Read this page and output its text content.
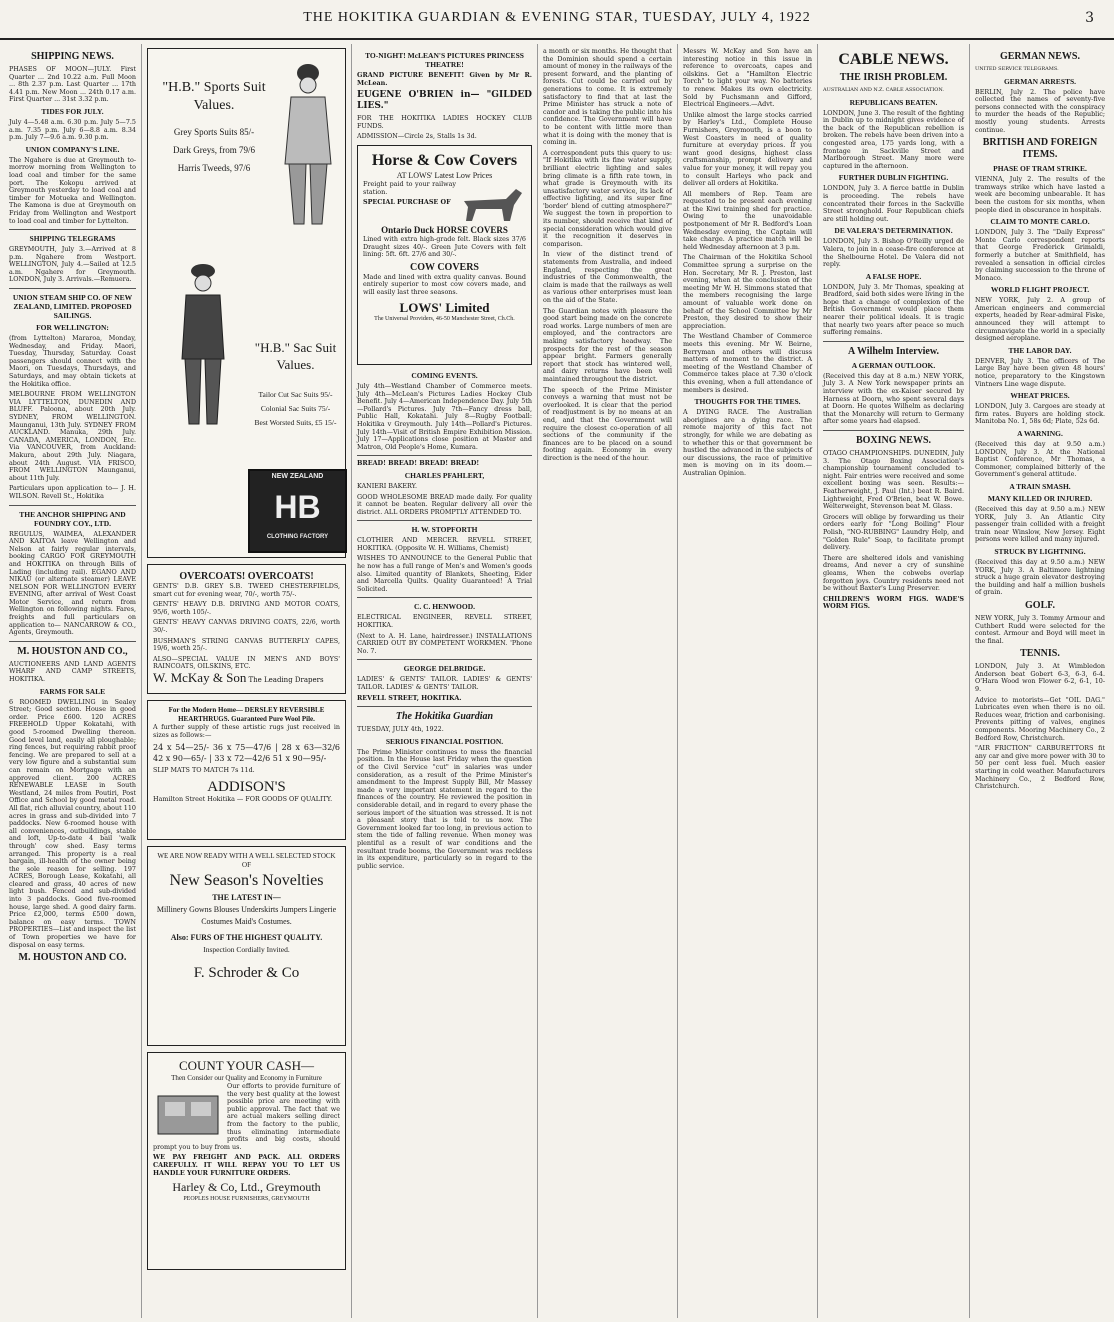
THE HOKITIKA GUARDIAN & EVENING STAR, TUESDAY, JULY 4, 1922	3
SHIPPING NEWS.

PHASES OF MOON—JULY. First Quarter ... 2nd 10.22 a.m. Full Moon ... 8th 2.37 p.m. Last Quarter ... 17th 4.41 p.m. New Moon ... 24th 0.17 a.m. First Quarter ... 31st 3.32 p.m.

TIDES FOR JULY.

July 4—5.48 a.m. 6.30 p.m. July 5—7.5 a.m. 7.35 p.m. July 6—8.8 a.m. 8.34 p.m. July 7—9.6 a.m. 9.30 p.m.

UNION COMPANY'S LINE.

The Ngahere is due at Greymouth to-morrow morning from Wellington to load coal and timber for the same port. The Kokopu arrived at Greymouth yesterday to load coal and timber for Motueka and Wellington. The Kamona is due at Greymouth on Friday from Wellington and Westport to load coal and timber for Lyttelton.

SHIPPING TELEGRAMS

GREYMOUTH, July 3.—Arrived at 8 p.m. Ngahere from Westport. WELLINGTON, July 4.—Sailed at 12.5 a.m. Ngahere for Greymouth. LONDON, July 3. Arrivals.—Remuera.

UNION STEAM SHIP CO. OF NEW ZEALAND, LIMITED. PROPOSED SAILINGS.
FOR WELLINGTON:

(from Lyttelton) Mararoa, Monday, Wednesday, and Friday. Maori, Tuesday, Thursday, Saturday. Coast passengers should connect with the Maori, on Tuesdays, Thursdays, and Saturdays, and may obtain tickets at the Hokitika office.

MELBOURNE FROM WELLINGTON VIA LYTTELTON, DUNEDIN AND BLUFF. Paloona, about 20th July. SYDNEY, FROM WELLINGTON. Maunganui, 13th July. SYDNEY FROM AUCKLAND. Manuka, 29th July. CANADA, AMERICA, LONDON, Etc. Via VANCOUVER, from Auckland: Makura, about 29th July. Niagara, about 24th August. VIA FRISCO, FROM WELLINGTON Maunganui, about 11th July.

Particulars upon application to— J. H. WILSON. Revell St., Hokitika

THE ANCHOR SHIPPING AND FOUNDRY COY., LTD.

REGULUS, WAIMEA, ALEXANDER AND KAITOA leave Wellington and Nelson at fairly regular intervals, booking CARGO FOR GREYMOUTH and HOKITIKA on through Bills of Lading (including rail). EGANO AND NIKAU (or alternate steamer) LEAVE NELSON FOR WELLINGTON EVERY EVENING, after arrival of West Coast Motor Service, and return from Wellington on following nights. Fares, freights and full particulars on application to— NANCARROW & CO., Agents, Greymouth.

M. HOUSTON AND CO.,

AUCTIONEERS AND LAND AGENTS WHARF AND CAMP STREETS, HOKITIKA.

FARMS FOR SALE

6 ROOMED DWELLING in Sealey Street; Good section. House in good order. Price £600. 120 ACRES FREEHOLD Upper Kokatahi, with good 5-roomed Dwelling thereon. Good level land, easily all ploughable; ring fences, but requiring rabbit proof fencing. We are prepared to sell at a very low figure and a substantial sum can remain on Mortgage with an approved client. 200 ACRES RENEWABLE LEASE in South Westland, 24 miles from Poutiri, Post Office and School by good metal road. All flat, rich alluvial country, about 110 acres in grass and sub-divided into 7 paddocks. New 6-roomed house with all conveniences, outbuildings, stable and loft, Up-to-date 4 bail 'walk through' cow shed. Easy terms arranged. This property is a real bargain, ill-health of the owner being the sole reason for selling. 197 ACRES, Borough Lease, Kokatahi, all cleared and grass, 40 acres of new light bush. Fenced and sub-divided into 3 paddocks. Good five-roomed house, large shed. A good dairy farm. Price £2,000, terms £500 down, balance on easy terms. TOWN PROPERTIES—List and inspect the list of Town properties we have for disposal on easy terms.

M. HOUSTON AND CO.
"H.B." Sports Suit Values.
Grey Sports Suits 85/-
Dark Greys, from 79/6
Harris Tweeds, 97/6
"H.B." Sac Suit Values.
Tailor Cut Sac Suits 95/-
Colonial Sac Suits 75/-
Best Worsted Suits, £5 15/-
NEW ZEALAND
HB
CLOTHING FACTORY
OVERCOATS! OVERCOATS!

GENTS' D.B. GREY S.B. TWEED CHESTERFIELDS, smart cut for evening wear, 70/-, worth 75/-.

GENTS' HEAVY D.B. DRIVING AND MOTOR COATS, 95/6, worth 105/-.

GENTS' HEAVY CANVAS DRIVING COATS, 22/6, worth 30/-.

BUSHMAN'S STRING CANVAS BUTTERFLY CAPES, 19/6, worth 25/-.

ALSO—SPECIAL VALUE IN MEN'S AND BOYS' RAINCOATS, OILSKINS, ETC.

W. McKay & Son The Leading Drapers
For the Modern Home— DERSLEY REVERSIBLE HEARTHRUGS. Guaranteed Pure Wool Pile.

A further supply of these artistic rugs just received in sizes as follows:—

24 x 54—25/- 36 x 75—47/6 | 28 x 63—32/6 42 x 90—65/- | 33 x 72—42/6 51 x 90—95/-

SLIP MATS TO MATCH 7s 11d.

ADDISON'S

Hamilton Street Hokitika — FOR GOODS OF QUALITY.

WE ARE NOW READY WITH A WELL SELECTED STOCK OF
New Season's Novelties
THE LATEST IN—
Millinery Gowns Blouses Underskirts Jumpers Lingerie Costumes Maid's Costumes.
Also: FURS OF THE HIGHEST QUALITY.
Inspection Cordially Invited.
F. Schroder & Co
COUNT YOUR CASH—
Then Consider our Quality and Economy in Furniture

Our efforts to provide furniture of the very best quality at the lowest possible price are meeting with public approval. The fact that we are actual makers selling direct from the factory to the public, thus eliminating intermediate profits and big costs, should prompt you to buy from us.

WE PAY FREIGHT AND PACK. ALL ORDERS CAREFULLY. IT WILL REPAY YOU TO LET US HANDLE YOUR FURNITURE ORDERS.

Harley & Co, Ltd., Greymouth
PEOPLES HOUSE FURNISHERS, GREYMOUTH
TO-NIGHT! McLEAN'S PICTURES PRINCESS THEATRE!

GRAND PICTURE BENEFIT! Given by Mr R. McLean.

EUGENE O'BRIEN in— "GILDED LIES."

FOR THE HOKITIKA LADIES HOCKEY CLUB FUNDS.

ADMISSION—Circle 2s, Stalls 1s 3d.

Horse & Cow Covers
AT LOWS' Latest Low Prices

Freight paid to your railway station.

SPECIAL PURCHASE OF

Ontario Duck HORSE COVERS

Lined with extra high-grade felt. Black sizes 37/6 Draught sizes 40/-. Green Jute Covers with felt lining: 5ft. 6ft. 27/6 and 30/-.

COW COVERS

Made and lined with extra quality canvas. Bound entirely superior to most cow covers made, and will easily last three seasons.

LOWS' Limited
The Universal Providers, 46-50 Manchester Street, Ch.Ch.
COMING EVENTS.

July 4th—Westland Chamber of Commerce meets. July 4th—McLean's Pictures Ladies Hockey Club Benefit. July 4—American Independence Day. July 5th—Pollard's Pictures. July 7th—Fancy dress ball, Public Hall, Kokatahi. July 8—Rugby Football: Hokitika v Greymouth. July 14th—Pollard's Pictures. July 14th—Visit of British Empire Exhibition Mission. July 17—Applications close position at Master and Matron, Old People's Home, Kumara.

BREAD! BREAD! BREAD! BREAD!

CHARLES PFAHLERT,

KANIERI BAKERY.

GOOD WHOLESOME BREAD made daily. For quality it cannot be beaten. Regular delivery all over the district. ALL ORDERS PROMPTLY ATTENDED TO.

H. W. STOPFORTH

CLOTHIER AND MERCER. REVELL STREET, HOKITIKA. (Opposite W. H. Williams, Chemist)

WISHES TO ANNOUNCE to the General Public that he now has a full range of Men's and Women's goods also. Limited quantity of Blankets, Sheeting, Eider and Marcella Quilts. Quality Guaranteed! A Trial Solicited.

C. C. HENWOOD.

ELECTRICAL ENGINEER, REVELL STREET, HOKITIKA.

(Next to A. H. Lane, hairdresser.) INSTALLATIONS CARRIED OUT BY COMPETENT WORKMEN. 'Phone No. 7.

GEORGE DELBRIDGE.

LADIES' & GENTS' TAILOR. LADIES' & GENTS' TAILOR. LADIES' & GENTS' TAILOR.

REVELL STREET, HOKITIKA.

The Hokitika Guardian

TUESDAY, JULY 4th, 1922.

SERIOUS FINANCIAL POSITION.

The Prime Minister continues to mess the financial position. In the House last Friday when the question of the Civil Service "cut" in salaries was under consideration, as a result of the Prime Minister's amendment to the Imprest Supply Bill, Mr Massey made a very important statement in regard to the finances of the country. He reviewed the position in considerable detail, and in regard to every phase the serious import of the situation was stressed. It is not a pleasant story that is told to us now. The Government looked far too long, in previous action to stem the tide of falling revenue. When money was plentiful as a result of war conditions and the resultant trade booms, the Government was reckless in its expenditure, particularly so in regard to the public service.

a month or six months. He thought that the Dominion should spend a certain amount of money in the railways of the present forward, and the planting of forests. Cut could be carried out by generations to come. It is extremely satisfactory to find that at last the Prime Minister has struck a note of candor and is taking the public into his confidence. The Government will have to be content with little more than what it is doing with the money that is coming in.

A correspondent puts this query to us: "If Hokitika with its fine water supply, brilliant electric lighting and sales bring climate is a fifth rate town, in what grade is Greymouth with its unsatisfactory water service, its lack of effective lighting, and its super fine 'border' blend of cutting atmosphere?" We suggest the town in proportion to its number, should receive that kind of special consideration which would give it the recognition it deserves in comparison.

In view of the distinct trend of statements from Australia, and indeed England, respecting the great industries of the Commonwealth, the claim is made that the railways as well as various other enterprises must lean on the aid of the State.

The Guardian notes with pleasure the good start being made on the concrete road works. Large numbers of men are employed, and the contractors are making satisfactory headway. The prospects for the rest of the season appear bright. Farmers generally report that stock has wintered well, and dairy returns have been well maintained throughout the district.

The speech of the Prime Minister conveys a warning that must not be overlooked. It is clear that the period of readjustment is by no means at an end, and that the Government will require the closest co-operation of all sections of the community if the finances are to be placed on a sound footing again. Economy in every direction is the need of the hour.

Messrs W. McKay and Son have an interesting notice in this issue in reference to overcoats, capes and oilskins. Get a "Hamilton Electric Torch" to light your way. No batteries to renew. Makes its own electricity. Sold by Fuchsmann and Gifford, Electrical Engineers.—Advt.

Unlike almost the large stocks carried by Harley's Ltd., Complete House Furnishers, Greymouth, is a boon to West Coasters in need of quality furniture at everyday prices. If you want good designs, highest class craftsmanship, prompt delivery and value for your money, it will repay you to consult Harleys who pack and deliver all orders at Hokitika.

All members of Rep. Team are requested to be present each evening at the Kiwi training shed for practice. Owing to the unavoidable postponement of Mr R. Bedford's Loan Wednesday evening, the Captain will take charge. A practice match will be held Wednesday afternoon at 3 p.m.

The Chairman of the Hokitika School Committee sprung a surprise on the Hon. Secretary, Mr R. J. Preston, last evening, when at the conclusion of the meeting Mr W. H. Simmons stated that the members recognising the large amount of valuable work done on behalf of the School Committee by Mr Preston, they desired to show their appreciation.

The Westland Chamber of Commerce meets this evening. Mr W. Beirne, Berryman and others will discuss matters of moment to the district. A meeting of the Westland Chamber of Commerce takes place at 7.30 o'clock this evening, when a full attendance of members is desired.

THOUGHTS FOR THE TIMES.

A DYING RACE. The Australian aborigines are a dying race. The remote majority of this fact not strongly, for while we are debating as to whether this or that government be hustled the advanced in the subjects of our discussions, the race of primitive men is moving on in its doom.—Australian Opinion.

CABLE NEWS.
THE IRISH PROBLEM.

AUSTRALIAN AND N.Z. CABLE ASSOCIATION.

REPUBLICANS BEATEN.

LONDON, June 3. The result of the fighting in Dublin up to midnight gives evidence of the back of the Republican rebellion is broken. The rebels have been driven into a congested area, 175 yards long, with a frontage in Sackville Street and Marlborough Street. Many more were captured in the afternoon.

FURTHER DUBLIN FIGHTING.

LONDON, July 3. A fierce battle in Dublin is proceeding. The rebels have concentrated their forces in the Sackville Street stronghold. Four Republican chiefs are still holding out.

DE VALERA'S DETERMINATION.

LONDON, July 3. Bishop O'Reilly urged de Valera, to join in a cease-fire conference at the Shelbourne Hotel. De Valera did not reply.

A FALSE HOPE.

LONDON, July 3. Mr Thomas, speaking at Bradford, said both sides were living in the hope that a change of complexion of the British Government would place them nearer their political ideals. It is tragic that nearly two years after peace so much suffering remains.

A Wilhelm Interview.
A GERMAN OUTLOOK.

(Received this day at 8 a.m.) NEW YORK, July 3. A New York newspaper prints an interview with the ex-Kaiser secured by Harness at Doorn, who spent several days at Doorn. He quotes Wilhelm as declaring that the Monarchy will return to Germany after some years had elapsed.

BOXING NEWS.

OTAGO CHAMPIONSHIPS. DUNEDIN, July 3. The Otago Boxing Association's championship tournament concluded to-night. Fair entries were received and some excellent boxing was seen. Results:— Featherweight, J. Paul (Int.) beat R. Baird. Lightweight, Fred O'Brien, beat W. Bowe. Welterweight, Stevenson beat M. Glass.

Grocers will oblige by forwarding us their orders early for "Long Boiling" Flour Polish, "NO-RUBBING" Laundry Help, and "Golden Rule" Soap, to facilitate prompt delivery.

There are sheltered idols and vanishing dreams, And never a cry of sunshine gleams, When the cobwebs overlap forgotten joys. Country residents need not be without Baxter's Lung Preserver.

CHILDREN'S WORM FIGS. WADE'S WORM FIGS.

GERMAN NEWS.

UNITED SERVICE TELEGRAMS.

GERMAN ARRESTS.

BERLIN, July 2. The police have collected the names of seventy-five persons connected with the conspiracy to murder the heads of the Republic; mostly young students. Arrests continue.

BRITISH AND FOREIGN ITEMS.
PHASE OF TRAM STRIKE.

VIENNA, July 2. The results of the tramways strike which have lasted a week are becoming unbearable. It has been the custom for six months, when people died in obscurance in hospitals.

CLAIM TO MONTE CARLO.

LONDON, July 3. The "Daily Express" Monte Carlo correspondent reports that George Frederick Grimaldi, formerly a butcher at Smithfield, has revealed a sensation in official circles by claiming succession to the throne of Monaco.

WORLD FLIGHT PROJECT.

NEW YORK, July 2. A group of American engineers and commercial experts, headed by Rear-admiral Fiske, announced they will attempt to circumnavigate the world in a specially designed aeroplane.

THE LABOR DAY.

DENVER, July 3. The officers of The Large Bay have been given 48 hours' notice, preparatory to the Kingstown Vintners Line wage dispute.

WHEAT PRICES.

LONDON, July 3. Cargoes are steady at firm rates. Buyers are holding stock. Manitoba No. 1, 58s 6d; Plate, 52s 6d.

A WARNING.

(Received this day at 9.50 a.m.) LONDON, July 3. At the National Baptist Conference, Mr Thomas, a Commoner, complained bitterly of the Government's general attitude.

A TRAIN SMASH.
MANY KILLED OR INJURED.

(Received this day at 9.50 a.m.) NEW YORK, July 3. An Atlantic City passenger train collided with a freight train near Winslow, New Jersey. Eight persons were killed and many injured.

STRUCK BY LIGHTNING.

(Received this day at 9.50 a.m.) NEW YORK, July 3. A Baltimore lightning struck a huge grain elevator destroying the building and half a million bushels of grain.

GOLF.

NEW YORK, July 3. Tommy Armour and Cuthbert Rudd were selected for the contest. Armour and Boyd will meet in the final.

TENNIS.

LONDON, July 3. At Wimbledon Anderson beat Gobert 6-3, 6-3, 6-4. O'Hara Wood won Flower 6-2, 6-1, 10-9.

Advice to motorists—Get "OIL DAG." Lubricates even when there is no oil. Reduces wear, friction and carbonising. Prevents pitting of valves, engines components. Mooring Machinery Co., 2 Bedford Row, Christchurch.

"AIR FRICTION" CARBURETTORS fit any car and give more power with 30 to 50 per cent less fuel. Much easier starting in cold weather. Manufacturers Machinery Co., 2 Bedford Row, Christchurch.
